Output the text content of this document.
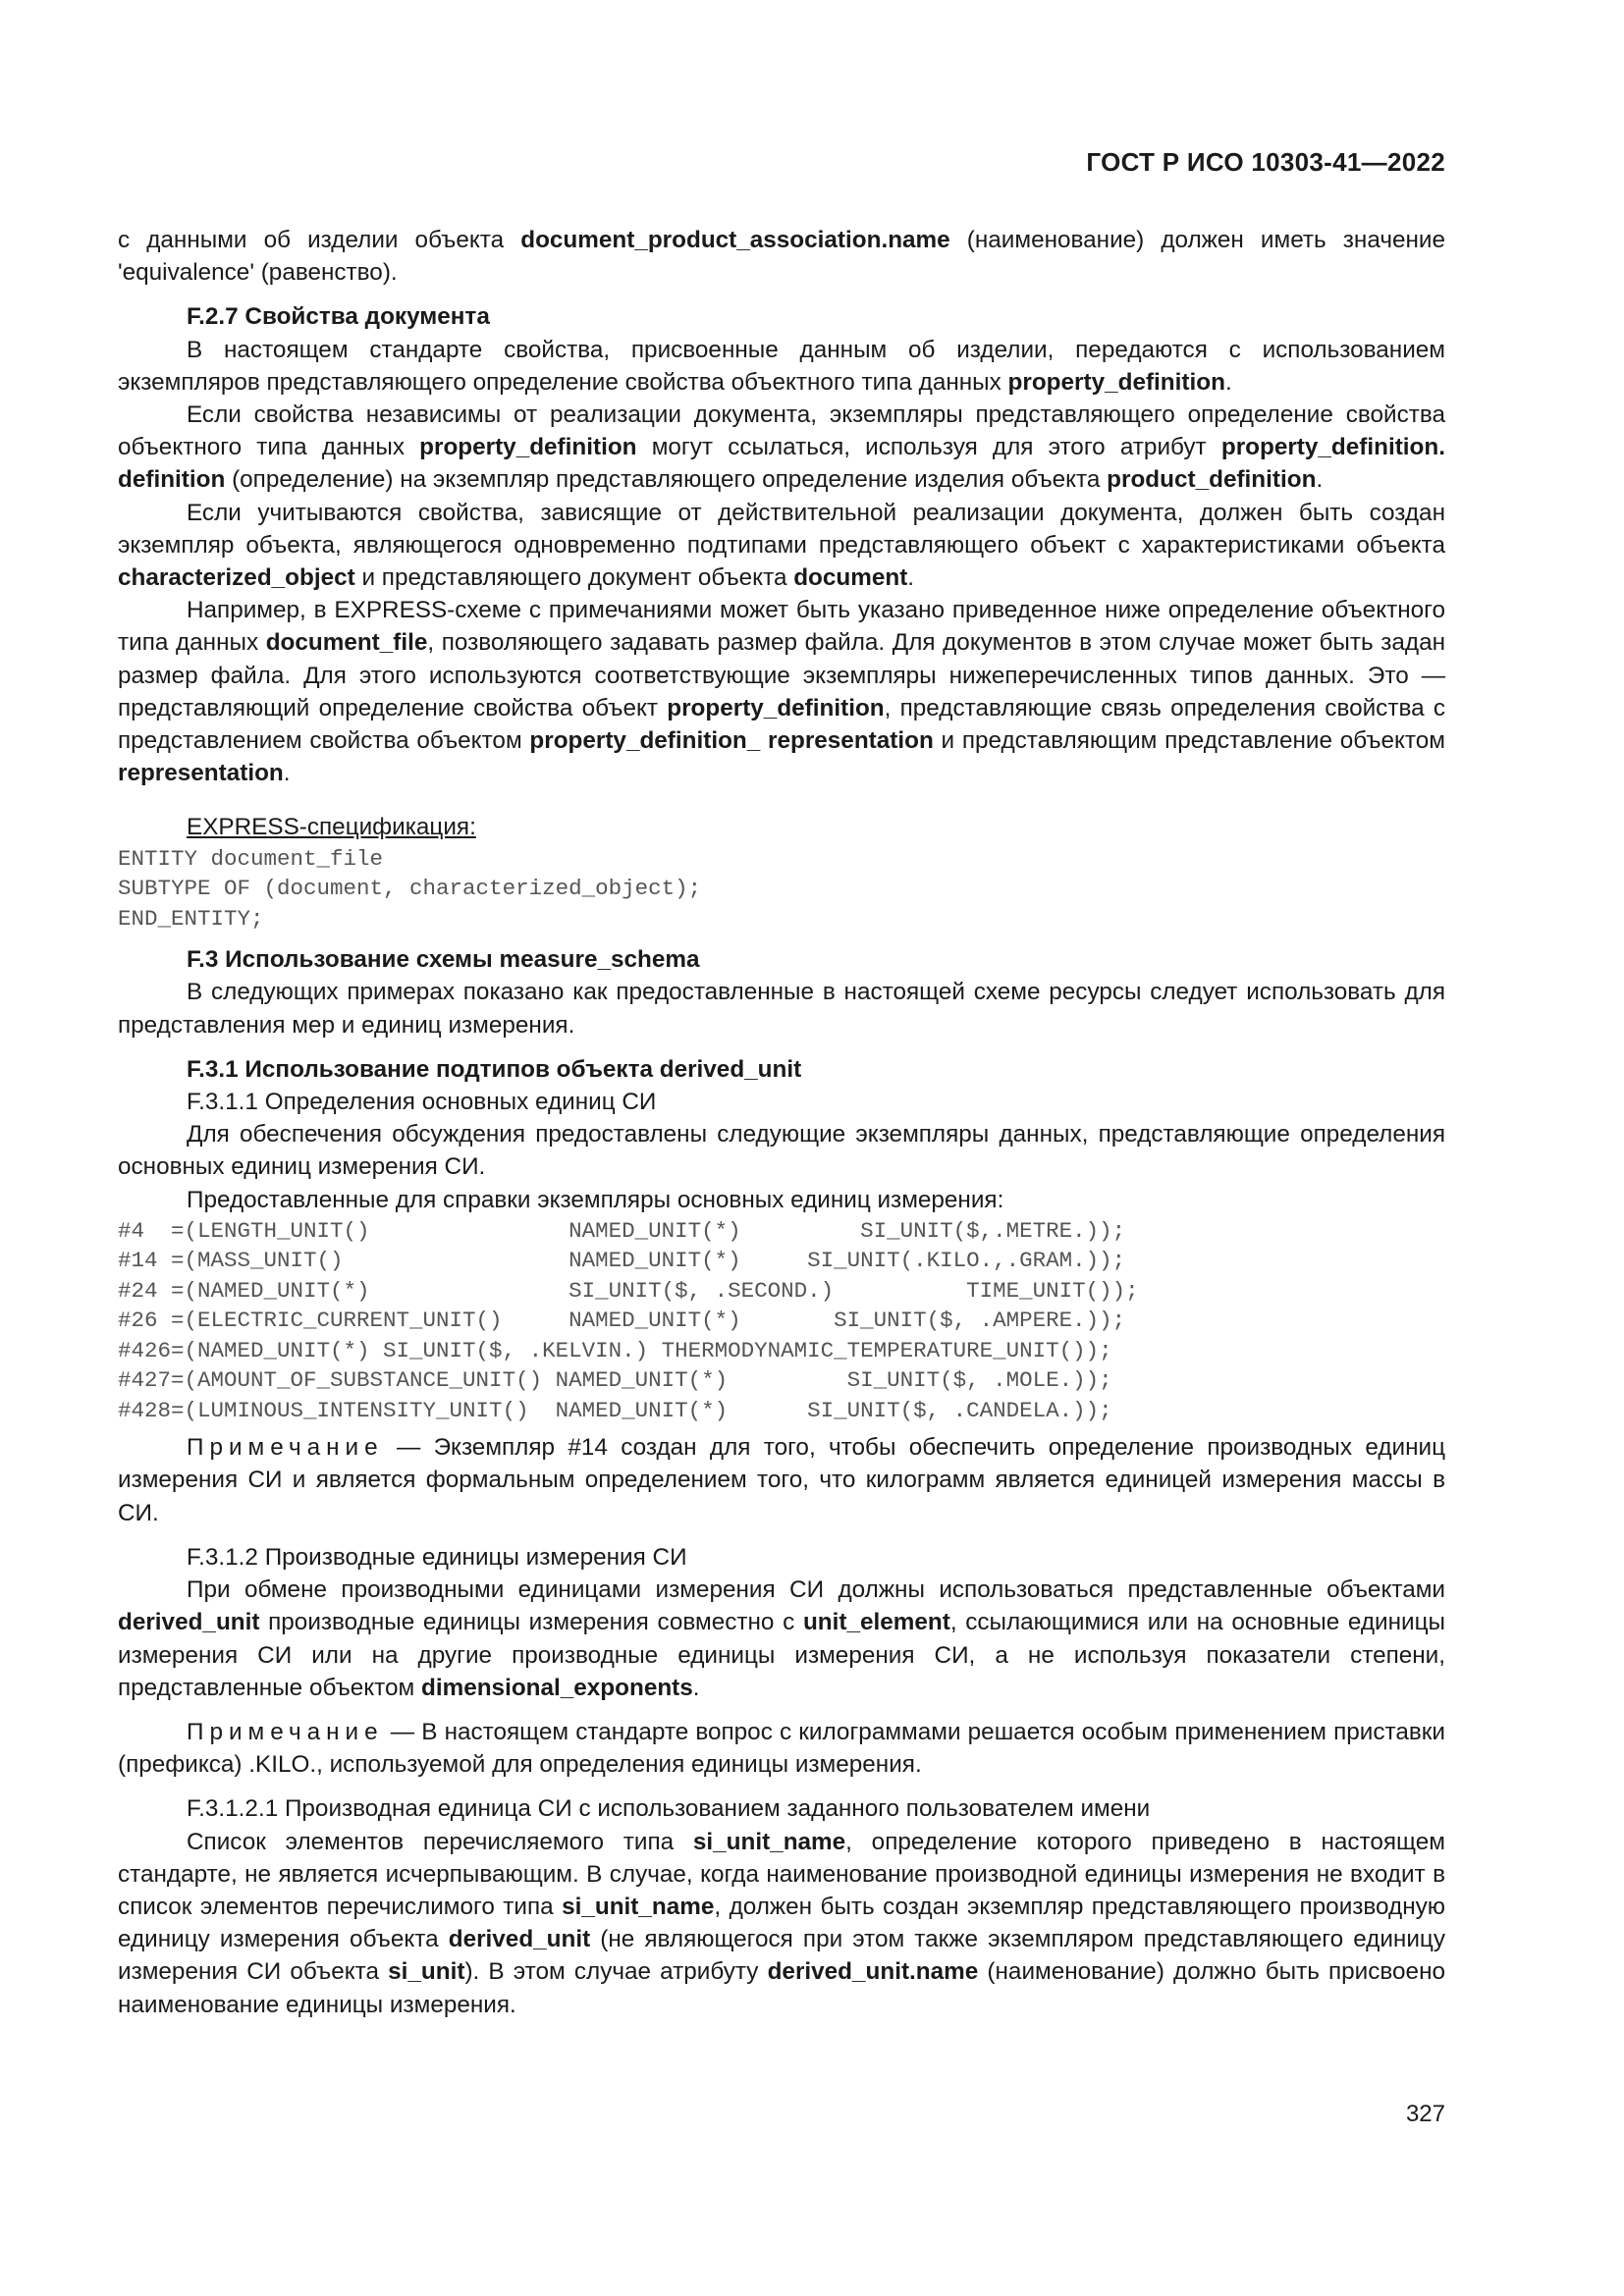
ГОСТ Р ИСО 10303-41—2022

с данными об изделии объекта document_product_association.name (наименование) должен иметь значение 'equivalence' (равенство).

F.2.7 Свойства документа

В настоящем стандарте свойства, присвоенные данным об изделии, передаются с использованием экземпляров представляющего определение свойства объектного типа данных property_definition.

Если свойства независимы от реализации документа, экземпляры представляющего определение свойства объектного типа данных property_definition могут ссылаться, используя для этого атрибут property_definition. definition (определение) на экземпляр представляющего определение изделия объекта product_definition.

Если учитываются свойства, зависящие от действительной реализации документа, должен быть создан экземпляр объекта, являющегося одновременно подтипами представляющего объект с характеристиками объекта characterized_object и представляющего документ объекта document.

Например, в EXPRESS-схеме с примечаниями может быть указано приведенное ниже определение объектного типа данных document_file, позволяющего задавать размер файла. Для документов в этом случае может быть задан размер файла. Для этого используются соответствующие экземпляры нижеперечисленных типов данных. Это — представляющий определение свойства объект property_definition, представляющие связь определения свойства с представлением свойства объектом property_definition_ representation и представляющим представление объектом representation.

EXPRESS-спецификация:
ENTITY document_file
SUBTYPE OF (document, characterized_object);
END_ENTITY;
F.3 Использование схемы measure_schema

В следующих примерах показано как предоставленные в настоящей схеме ресурсы следует использовать для представления мер и единиц измерения.

F.3.1 Использование подтипов объекта derived_unit
F.3.1.1 Определения основных единиц СИ

Для обеспечения обсуждения предоставлены следующие экземпляры данных, представляющие определения основных единиц измерения СИ.

Предоставленные для справки экземпляры основных единиц измерения:

#4  =(LENGTH_UNIT()               NAMED_UNIT(*)         SI_UNIT($,.METRE.));
#14 =(MASS_UNIT()                 NAMED_UNIT(*)     SI_UNIT(.KILO.,.GRAM.));
#24 =(NAMED_UNIT(*)               SI_UNIT($, .SECOND.)          TIME_UNIT());
#26 =(ELECTRIC_CURRENT_UNIT()     NAMED_UNIT(*)       SI_UNIT($, .AMPERE.));
#426=(NAMED_UNIT(*) SI_UNIT($, .KELVIN.) THERMODYNAMIC_TEMPERATURE_UNIT());
#427=(AMOUNT_OF_SUBSTANCE_UNIT() NAMED_UNIT(*)         SI_UNIT($, .MOLE.));
#428=(LUMINOUS_INTENSITY_UNIT()  NAMED_UNIT(*)      SI_UNIT($, .CANDELA.));

Примечание — Экземпляр #14 создан для того, чтобы обеспечить определение производных единиц измерения СИ и является формальным определением того, что килограмм является единицей измерения массы в СИ.

F.3.1.2 Производные единицы измерения СИ

При обмене производными единицами измерения СИ должны использоваться представленные объектами derived_unit производные единицы измерения совместно с unit_element, ссылающимися или на основные единицы измерения СИ или на другие производные единицы измерения СИ, а не используя показатели степени, представленные объектом dimensional_exponents.

Примечание — В настоящем стандарте вопрос с килограммами решается особым применением приставки (префикса) .KILO., используемой для определения единицы измерения.

F.3.1.2.1 Производная единица СИ с использованием заданного пользователем имени

Список элементов перечисляемого типа si_unit_name, определение которого приведено в настоящем стандарте, не является исчерпывающим. В случае, когда наименование производной единицы измерения не входит в список элементов перечислимого типа si_unit_name, должен быть создан экземпляр представляющего производную единицу измерения объекта derived_unit (не являющегося при этом также экземпляром представляющего единицу измерения СИ объекта si_unit). В этом случае атрибуту derived_unit.name (наименование) должно быть присвоено наименование единицы измерения.

327
